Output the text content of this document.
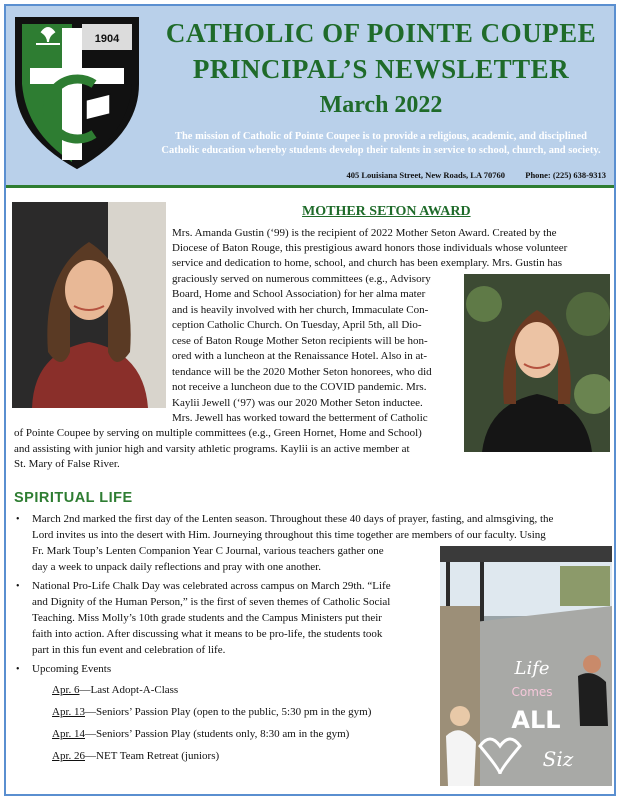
1904	CATHOLIC OF POINTE COUPEE
PRINCIPAL’S NEWSLETTER
March 2022
The mission of Catholic of Pointe Coupee is to provide a religious, academic, and disciplined
Catholic education whereby students develop their talents in service to school, church, and society.
405 Louisiana Street, New Roads, LA 70760 Phone: (225) 638-9313
MOTHER SETON AWARD
Mrs. Amanda Gustin (‘99) is the recipient of 2022 Mother Seton Award. Created by the
Diocese of Baton Rouge, this prestigious award honors those individuals whose volunteer
service and dedication to home, school, and church has been exemplary. Mrs. Gustin has
graciously served on numerous committees (e.g., Advisory
Board, Home and School Association) for her alma mater
and is heavily involved with her church, Immaculate Con-
ception Catholic Church. On Tuesday, April 5th, all Dio-
cese of Baton Rouge Mother Seton recipients will be hon-
ored with a luncheon at the Renaissance Hotel. Also in at-
tendance will be the 2020 Mother Seton honorees, who did
not receive a luncheon due to the COVID pandemic. Mrs.
Kaylii Jewell (‘97) was our 2020 Mother Seton inductee.
Mrs. Jewell has worked toward the betterment of Catholic
of Pointe Coupee by serving on multiple committees (e.g., Green Hornet, Home and School)
and assisting with junior high and varsity athletic programs. Kaylii is an active member at
St. Mary of False River.
SPIRITUAL LIFE
• March 2nd marked the first day of the Lenten season. Throughout these 40 days of prayer, fasting, and almsgiving, the
Lord invites us into the desert with Him. Journeying throughout this time together are members of our faculty. Using
Fr. Mark Toup’s Lenten Companion Year C Journal, various teachers gather one
day a week to unpack daily reflections and pray with one another.
• National Pro-Life Chalk Day was celebrated across campus on March 29th. “Life
and Dignity of the Human Person,” is the first of seven themes of Catholic Social
Teaching. Miss Molly’s 10th grade students and the Campus Ministers put their
faith into action. After discussing what it means to be pro-life, the students took
part in this fun event and celebration of life.
• Upcoming Events
Apr. 6—Last Adopt-A-Class
Apr. 13—Seniors’ Passion Play (open to the public, 5:30 pm in the gym)
Apr. 14—Seniors’ Passion Play (students only, 8:30 am in the gym)
Apr. 26—NET Team Retreat (juniors)
Life
Comes
ALL
Siz
